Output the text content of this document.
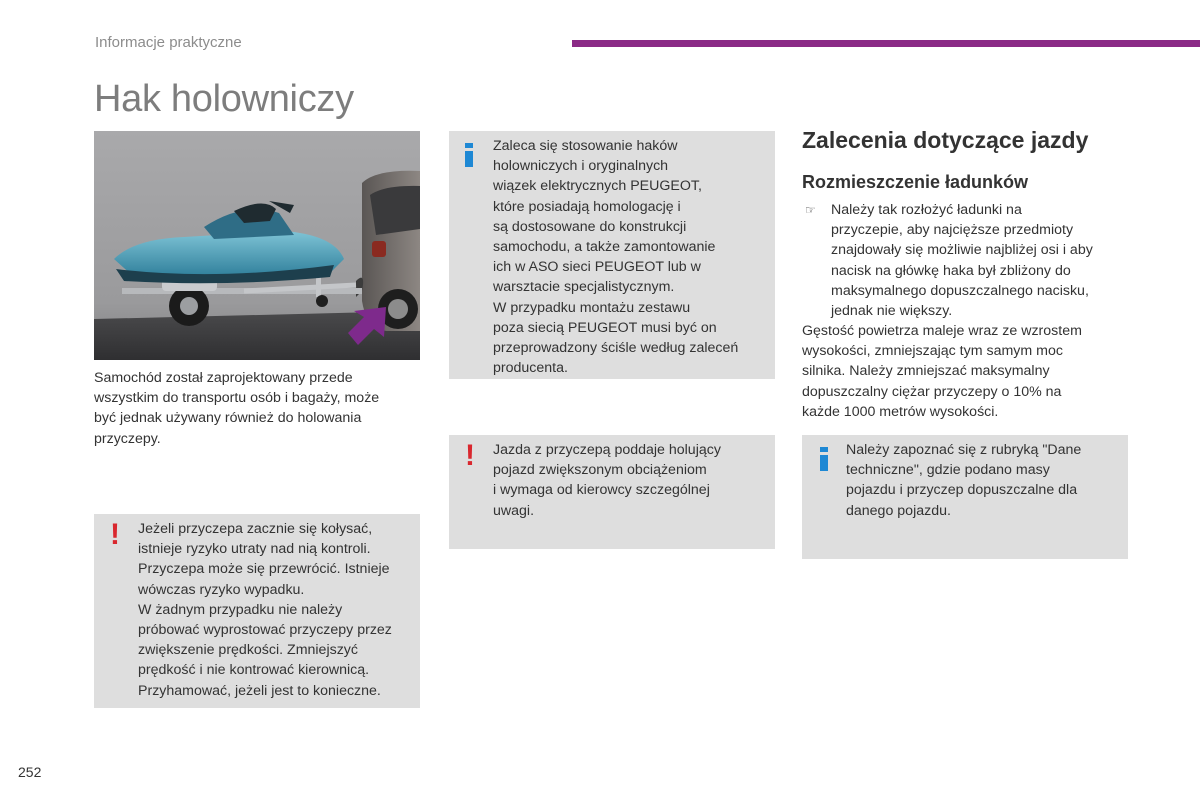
Informacje praktyczne
Hak holowniczy
Samochód został zaprojektowany przede
wszystkim do transportu osób i bagaży, może
być jednak używany również do holowania
przyczepy.
! Jeżeli przyczepa zacznie się kołysać,
istnieje ryzyko utraty nad nią kontroli.
Przyczepa może się przewrócić. Istnieje
wówczas ryzyko wypadku.
W żadnym przypadku nie należy
próbować wyprostować przyczepy przez
zwiększenie prędkości. Zmniejszyć
prędkość i nie kontrować kierownicą.
Przyhamować, jeżeli jest to konieczne.
Zaleca się stosowanie haków
holowniczych i oryginalnych
wiązek elektrycznych PEUGEOT,
które posiadają homologację i
są dostosowane do konstrukcji
samochodu, a także zamontowanie
ich w ASO sieci PEUGEOT lub w
warsztacie specjalistycznym.
W przypadku montażu zestawu
poza siecią PEUGEOT musi być on
przeprowadzony ściśle według zaleceń
producenta.
! Jazda z przyczepą poddaje holujący
pojazd zwiększonym obciążeniom
i wymaga od kierowcy szczególnej
uwagi.
Zalecenia dotyczące jazdy
Rozmieszczenie ładunków
☞ Należy tak rozłożyć ładunki na
przyczepie, aby najcięższe przedmioty
znajdowały się możliwie najbliżej osi i aby
nacisk na główkę haka był zbliżony do
maksymalnego dopuszczalnego nacisku,
jednak nie większy.
Gęstość powietrza maleje wraz ze wzrostem
wysokości, zmniejszając tym samym moc
silnika. Należy zmniejszać maksymalny
dopuszczalny ciężar przyczepy o 10% na
każde 1000 metrów wysokości.
Należy zapoznać się z rubryką "Dane
techniczne", gdzie podano masy
pojazdu i przyczep dopuszczalne dla
danego pojazdu.
252
